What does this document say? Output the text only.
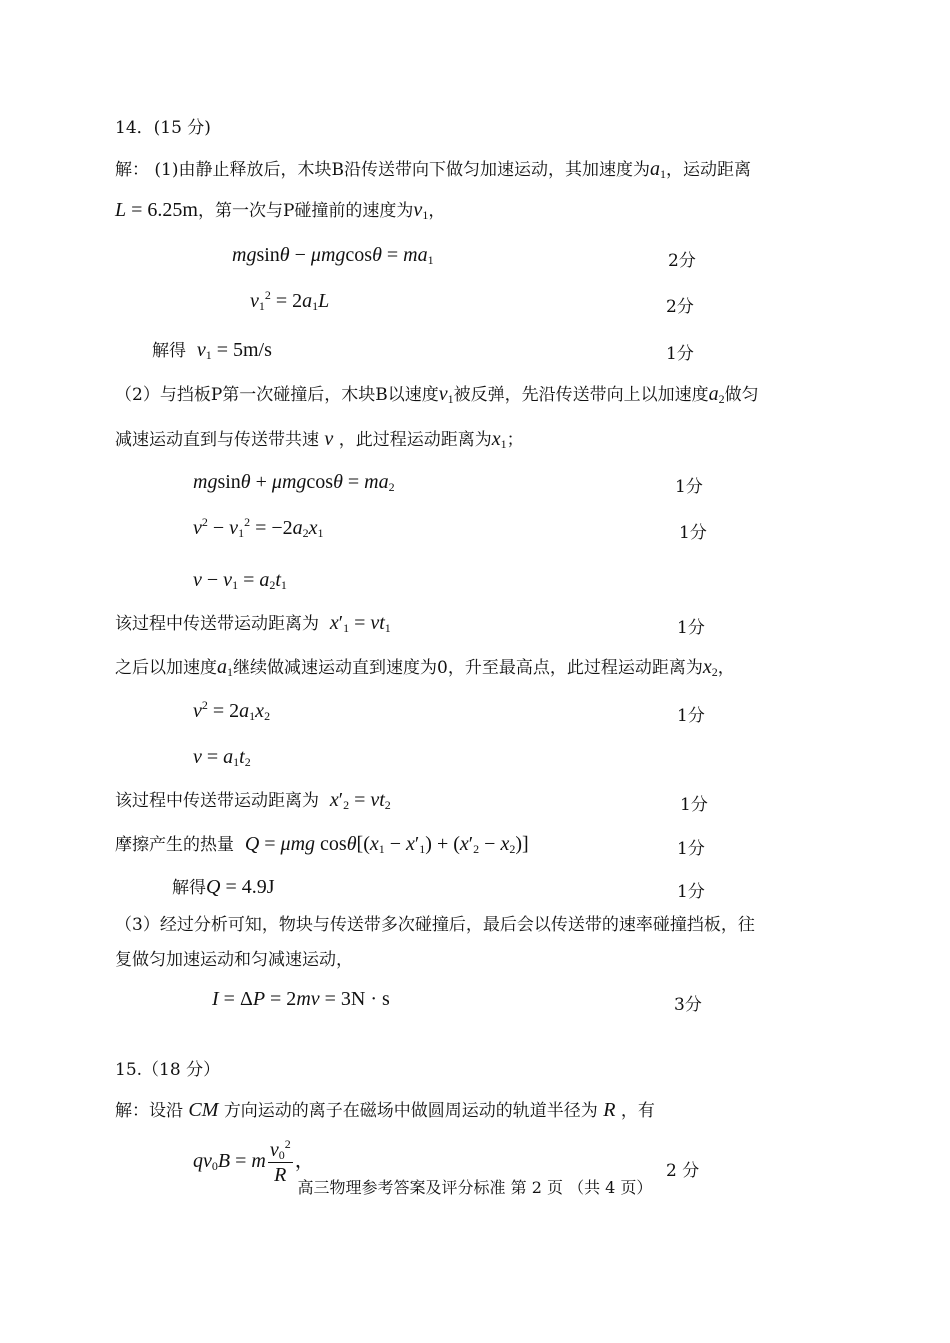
14．(15 分)
解： (1)由静止释放后，木块B沿传送带向下做匀加速运动，其加速度为$a_1$，运动距离
L = 6.25m，第一次与P碰撞前的速度为$v_1$，
$mgsin\theta - \mu mgcos\theta = ma_1$	2分
$v_1^2 = 2a_1L$	2分
解得 $v_1 = 5m/s$	1分
（2）与挡板P第一次碰撞后，木块B以速度$v_1$被反弹，先沿传送带向上以加速度$a_2$做匀
减速运动直到与传送带共速 v ，此过程运动距离为$x_1$；
$mgsin\theta + \mu mgcos\theta = ma_2$	1分
$v^2 - v_1^2 = -2a_2x_1$	1分
$v - v_1 = a_2t_1$
该过程中传送带运动距离为 $x'_1 = vt_1$	1分
之后以加速度$a_1$继续做减速运动直到速度为0，升至最高点，此过程运动距离为$x_2$，
$v^2 = 2a_1x_2$	1分
$v = a_1t_2$
该过程中传送带运动距离为 $x'_2 = vt_2$	1分
摩擦产生的热量 Q = μmg $\cos\theta[(x_1 - x'_1) + (x'_2 - x_2)]$	1分
解得Q = 4.9J	1分
（3）经过分析可知，物块与传送带多次碰撞后，最后会以传送带的速率碰撞挡板，往
复做匀加速运动和匀减速运动，
I = ΔP = 2mv = 3N · s	3分
15.（18 分）
解：设沿 CM 方向运动的离子在磁场中做圆周运动的轨道半径为 R ，有
$qv_0B = m \frac{v_0^2}{R}$ ，	2 分
高三物理参考答案及评分标准 第 2 页 （共 4 页）
